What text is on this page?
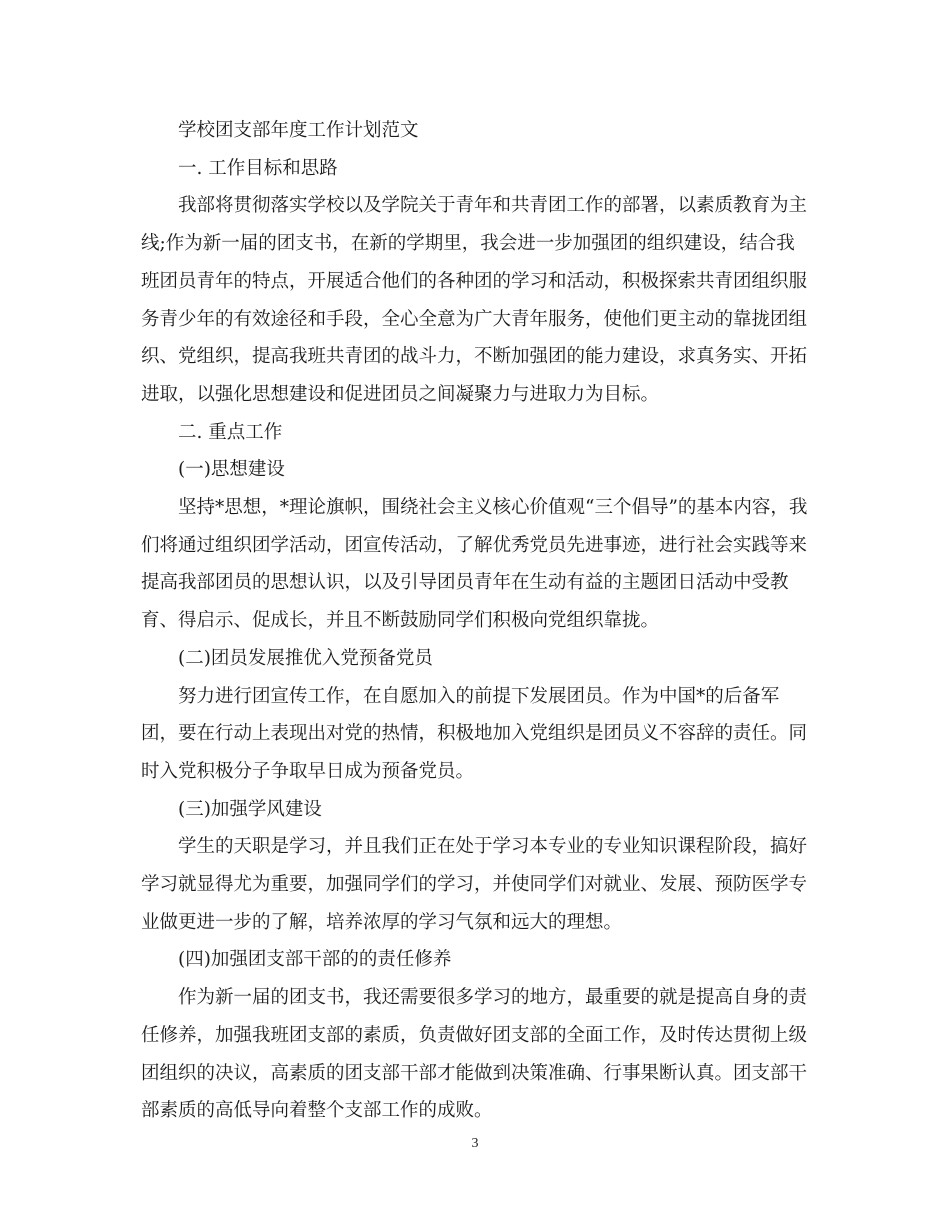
学校团支部年度工作计划范文

一. 工作目标和思路

我部将贯彻落实学校以及学院关于青年和共青团工作的部署，以素质教育为主线;作为新一届的团支书，在新的学期里，我会进一步加强团的组织建设，结合我班团员青年的特点，开展适合他们的各种团的学习和活动，积极探索共青团组织服务青少年的有效途径和手段，全心全意为广大青年服务，使他们更主动的靠拢团组织、党组织，提高我班共青团的战斗力，不断加强团的能力建设，求真务实、开拓进取，以强化思想建设和促进团员之间凝聚力与进取力为目标。

二. 重点工作

(一)思想建设

坚持*思想，*理论旗帜，围绕社会主义核心价值观“三个倡导”的基本内容，我们将通过组织团学活动，团宣传活动，了解优秀党员先进事迹，进行社会实践等来提高我部团员的思想认识，以及引导团员青年在生动有益的主题团日活动中受教育、得启示、促成长，并且不断鼓励同学们积极向党组织靠拢。

(二)团员发展推优入党预备党员

努力进行团宣传工作，在自愿加入的前提下发展团员。作为中国*的后备军

团，要在行动上表现出对党的热情，积极地加入党组织是团员义不容辞的责任。同时入党积极分子争取早日成为预备党员。

(三)加强学风建设

学生的天职是学习，并且我们正在处于学习本专业的专业知识课程阶段，搞好学习就显得尤为重要，加强同学们的学习，并使同学们对就业、发展、预防医学专业做更进一步的了解，培养浓厚的学习气氛和远大的理想。

(四)加强团支部干部的的责任修养

作为新一届的团支书，我还需要很多学习的地方，最重要的就是提高自身的责任修养，加强我班团支部的素质，负责做好团支部的全面工作，及时传达贯彻上级团组织的决议，高素质的团支部干部才能做到决策准确、行事果断认真。团支部干部素质的高低导向着整个支部工作的成败。

3
